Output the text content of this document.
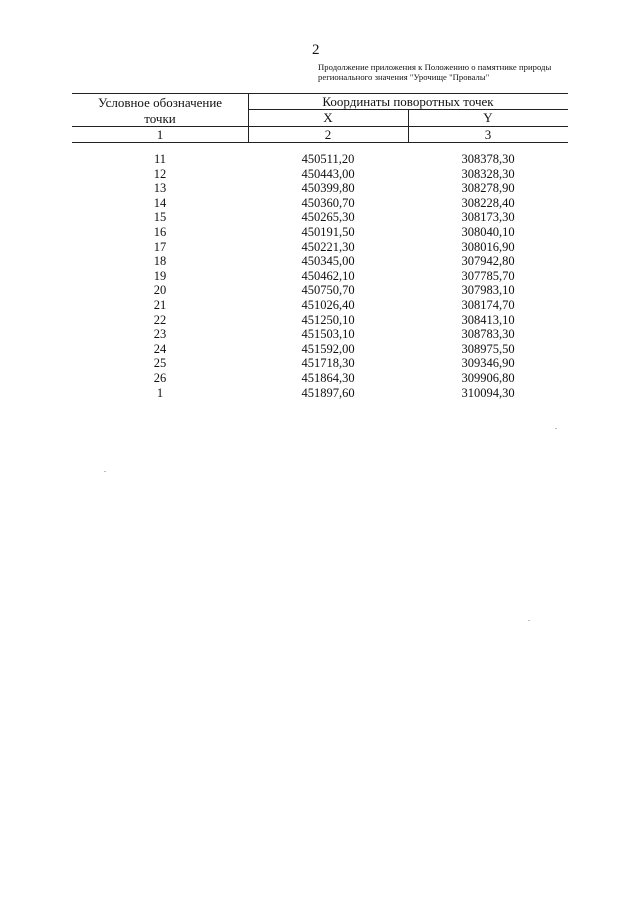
2
Продолжение приложения к Положению о памятнике природы
регионального значения "Урочище "Провалы"
Условное обозначение
точки
Координаты поворотных точек
X	Y
1	2	3
11	450511,20	308378,30
12	450443,00	308328,30
13	450399,80	308278,90
14	450360,70	308228,40
15	450265,30	308173,30
16	450191,50	308040,10
17	450221,30	308016,90
18	450345,00	307942,80
19	450462,10	307785,70
20	450750,70	307983,10
21	451026,40	308174,70
22	451250,10	308413,10
23	451503,10	308783,30
24	451592,00	308975,50
25	451718,30	309346,90
26	451864,30	309906,80
1	451897,60	310094,30
